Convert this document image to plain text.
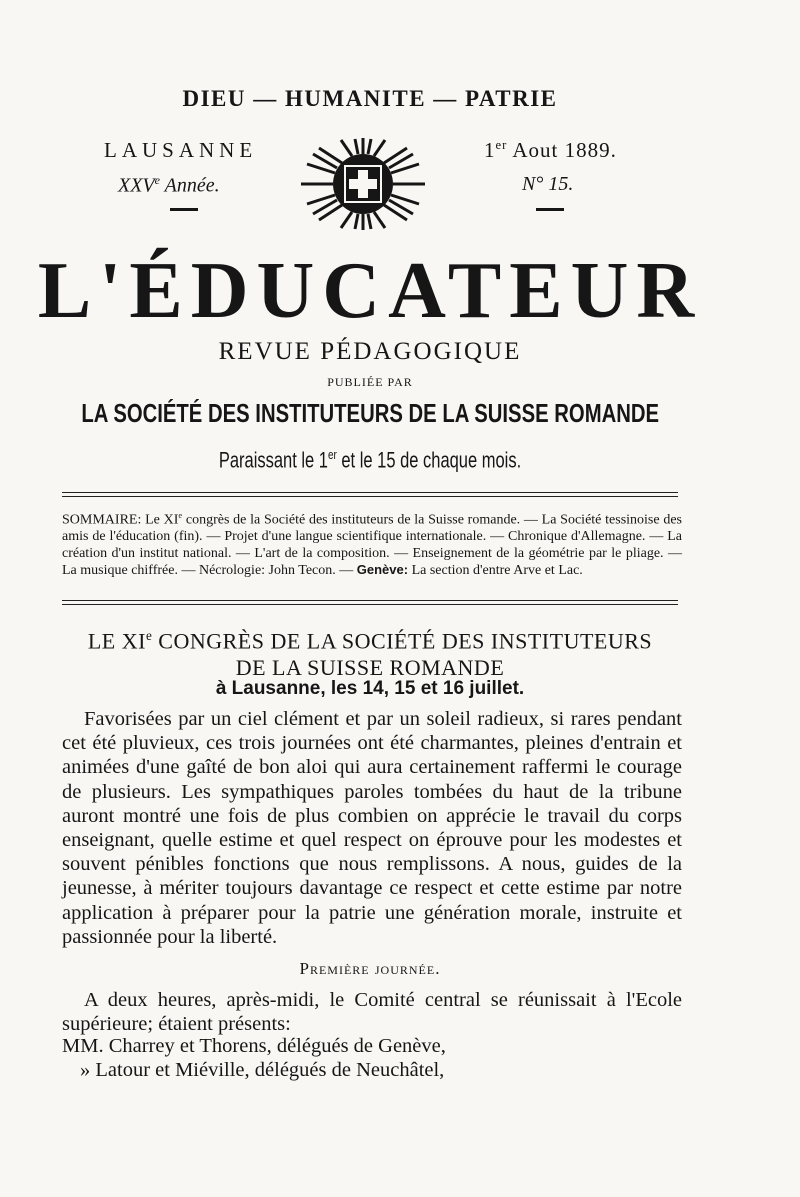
DIEU — HUMANITE — PATRIE
LAUSANNE
XXVe Année.
1er Aout 1889.
N° 15.
L'ÉDUCATEUR
REVUE PÉDAGOGIQUE
PUBLIÉE PAR
LA SOCIÉTÉ DES INSTITUTEURS DE LA SUISSE ROMANDE
Paraissant le 1er et le 15 de chaque mois.
SOMMAIRE: Le XIe congrès de la Société des instituteurs de la Suisse romande. — La Société tessinoise des amis de l'éducation (fin). — Projet d'une langue scientifique internationale. — Chronique d'Allemagne. — La création d'un institut national. — L'art de la composition. — Enseignement de la géométrie par le pliage. — La musique chiffrée. — Nécrologie: John Tecon. — Genève: La section d'entre Arve et Lac.
LE XIe CONGRÈS DE LA SOCIÉTÉ DES INSTITUTEURS
DE LA SUISSE ROMANDE
à Lausanne, les 14, 15 et 16 juillet.
Favorisées par un ciel clément et par un soleil radieux, si rares pendant cet été pluvieux, ces trois journées ont été charmantes, pleines d'entrain et animées d'une gaîté de bon aloi qui aura certainement raffermi le courage de plusieurs. Les sympathiques paroles tombées du haut de la tribune auront montré une fois de plus combien on apprécie le travail du corps enseignant, quelle estime et quel respect on éprouve pour les modestes et souvent pénibles fonctions que nous remplissons. A nous, guides de la jeunesse, à mériter toujours davantage ce respect et cette estime par notre application à préparer pour la patrie une génération morale, instruite et passionnée pour la liberté.
Première journée.
A deux heures, après-midi, le Comité central se réunissait à l'Ecole supérieure; étaient présents:
MM. Charrey et Thorens, délégués de Genève,
» Latour et Miéville, délégués de Neuchâtel,
